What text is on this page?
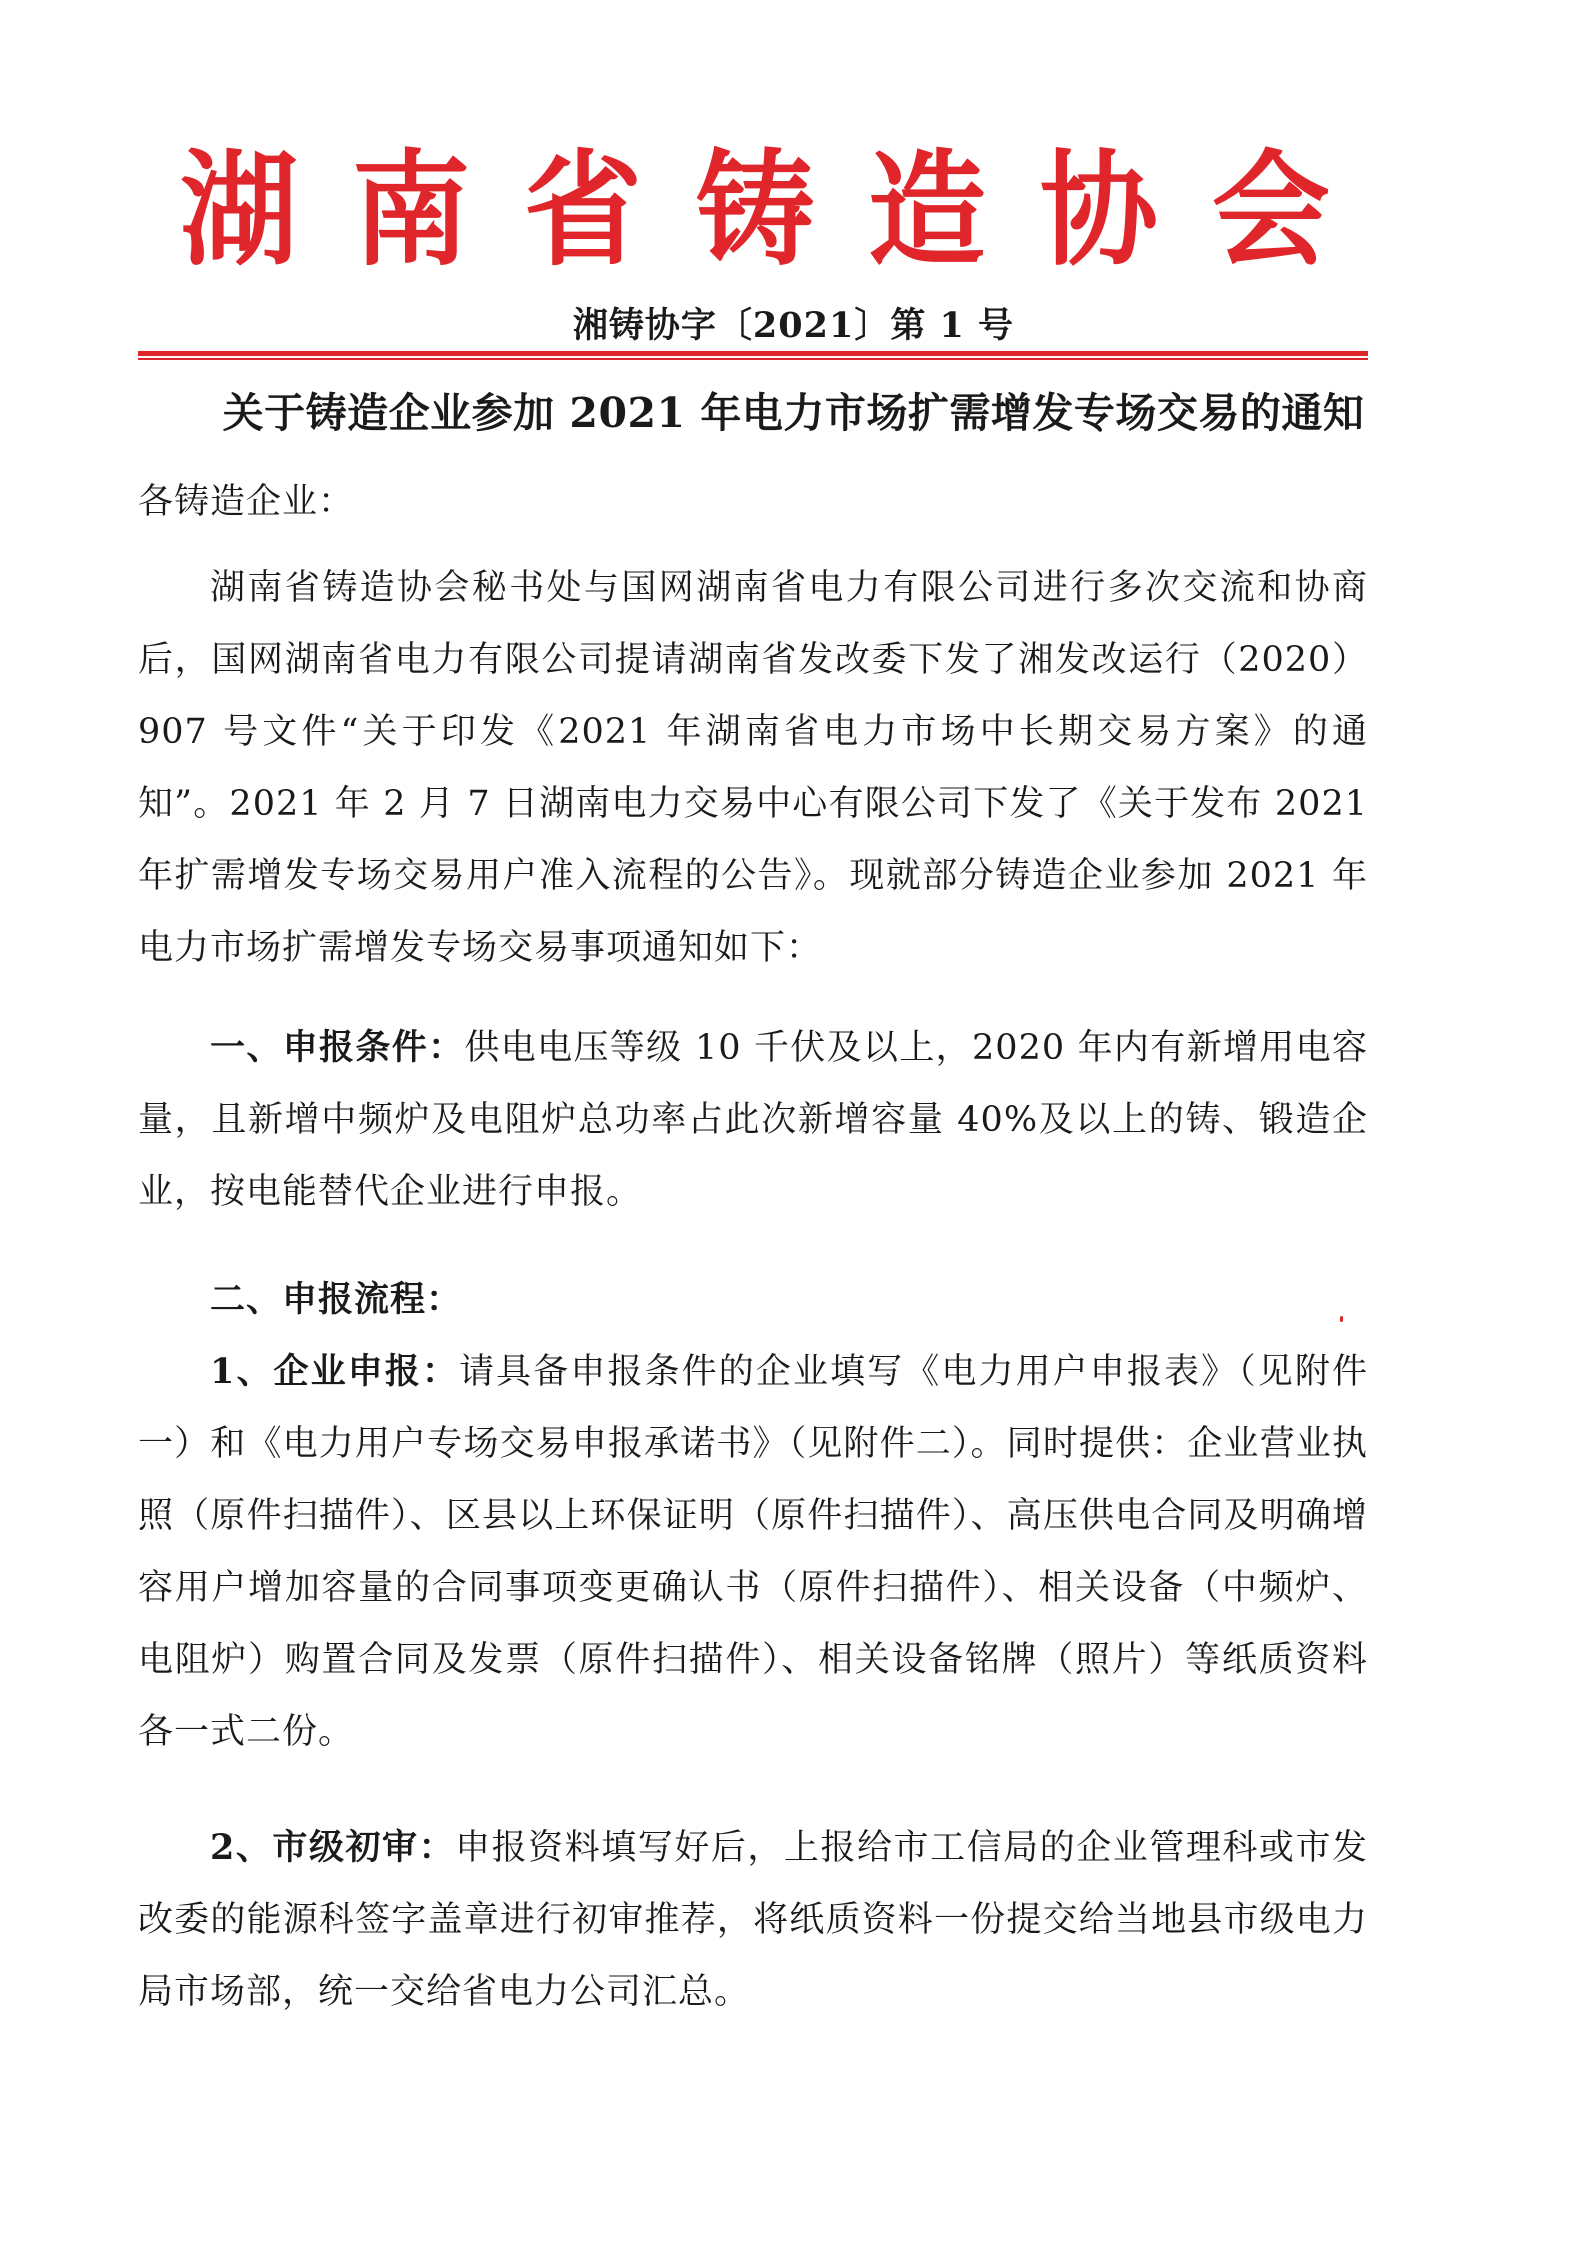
湖 南 省 铸 造 协 会
湘铸协字〔2021〕第 1 号
关于铸造企业参加 2021 年电力市场扩需增发专场交易的通知
各铸造企业：
湖南省铸造协会秘书处与国网湖南省电力有限公司进行多次交流和协商后，国网湖南省电力有限公司提请湖南省发改委下发了湘发改运行（2020）907 号文件“关于印发《2021 年湖南省电力市场中长期交易方案》的通知”。2021 年 2 月 7 日湖南电力交易中心有限公司下发了《关于发布 2021 年扩需增发专场交易用户准入流程的公告》。现就部分铸造企业参加 2021 年电力市场扩需增发专场交易事项通知如下：
一、申报条件：供电电压等级 10 千伏及以上，2020 年内有新增用电容量，且新增中频炉及电阻炉总功率占此次新增容量 40%及以上的铸、锻造企业，按电能替代企业进行申报。
二、申报流程：
1、企业申报：请具备申报条件的企业填写《电力用户申报表》（见附件一）和《电力用户专场交易申报承诺书》（见附件二）。同时提供：企业营业执照（原件扫描件）、区县以上环保证明（原件扫描件）、高压供电合同及明确增容用户增加容量的合同事项变更确认书（原件扫描件）、相关设备（中频炉、电阻炉）购置合同及发票（原件扫描件）、相关设备铭牌（照片）等纸质资料各一式二份。
2、市级初审：申报资料填写好后，上报给市工信局的企业管理科或市发改委的能源科签字盖章进行初审推荐，将纸质资料一份提交给当地县市级电力局市场部，统一交给省电力公司汇总。
